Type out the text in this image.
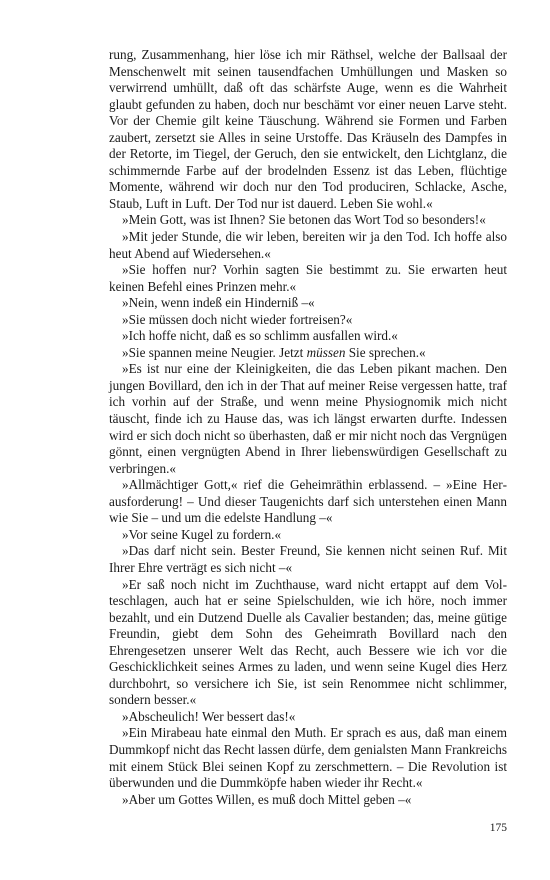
rung, Zusammenhang, hier löse ich mir Räthsel, welche der Ballsaal der Menschenwelt mit seinen tausendfachen Umhüllungen und Masken so verwirrend umhüllt, daß oft das schärfste Auge, wenn es die Wahrheit glaubt gefunden zu haben, doch nur beschämt vor einer neuen Larve steht. Vor der Chemie gilt keine Täuschung. Während sie Formen und Farben zaubert, zersetzt sie Alles in seine Urstoffe. Das Kräuseln des Dampfes in der Retorte, im Tiegel, der Geruch, den sie entwickelt, den Lichtglanz, die schimmernde Farbe auf der brodelnden Essenz ist das Leben, flüchtige Momente, während wir doch nur den Tod produciren, Schlacke, Asche, Staub, Luft in Luft. Der Tod nur ist dauerd. Leben Sie wohl.«

»Mein Gott, was ist Ihnen? Sie betonen das Wort Tod so besonders!«

»Mit jeder Stunde, die wir leben, bereiten wir ja den Tod. Ich hoffe also heut Abend auf Wiedersehen.«

»Sie hoffen nur? Vorhin sagten Sie bestimmt zu. Sie erwarten heut keinen Befehl eines Prinzen mehr.«

»Nein, wenn indeß ein Hinderniß –«

»Sie müssen doch nicht wieder fortreisen?«

»Ich hoffe nicht, daß es so schlimm ausfallen wird.«

»Sie spannen meine Neugier. Jetzt müssen Sie sprechen.«

»Es ist nur eine der Kleinigkeiten, die das Leben pikant machen. Den jungen Bovillard, den ich in der That auf meiner Reise vergessen hatte, traf ich vorhin auf der Straße, und wenn meine Physiognomik mich nicht täuscht, finde ich zu Hause das, was ich längst erwarten durfte. Indessen wird er sich doch nicht so überhasten, daß er mir nicht noch das Vergnügen gönnt, einen vergnügten Abend in Ihrer liebenswürdigen Gesellschaft zu verbringen.«

»Allmächtiger Gott,« rief die Geheimräthin erblassend. – »Eine Herausforderung! – Und dieser Taugenichts darf sich unterstehen einen Mann wie Sie – und um die edelste Handlung –«

»Vor seine Kugel zu fordern.«

»Das darf nicht sein. Bester Freund, Sie kennen nicht seinen Ruf. Mit Ihrer Ehre verträgt es sich nicht –«

»Er saß noch nicht im Zuchthause, ward nicht ertappt auf dem Volteschlagen, auch hat er seine Spielschulden, wie ich höre, noch immer bezahlt, und ein Dutzend Duelle als Cavalier bestanden; das, meine gütige Freundin, giebt dem Sohn des Geheimrath Bovillard nach den Ehrengesetzen unserer Welt das Recht, auch Bessere wie ich vor die Geschicklichkeit seines Armes zu laden, und wenn seine Kugel dies Herz durchbohrt, so versichere ich Sie, ist sein Renommee nicht schlimmer, sondern besser.«

»Abscheulich! Wer bessert das!«

»Ein Mirabeau hate einmal den Muth. Er sprach es aus, daß man einem Dummkopf nicht das Recht lassen dürfe, dem genialsten Mann Frankreichs mit einem Stück Blei seinen Kopf zu zerschmettern. – Die Revolution ist überwunden und die Dummköpfe haben wieder ihr Recht.«

»Aber um Gottes Willen, es muß doch Mittel geben –«

175
